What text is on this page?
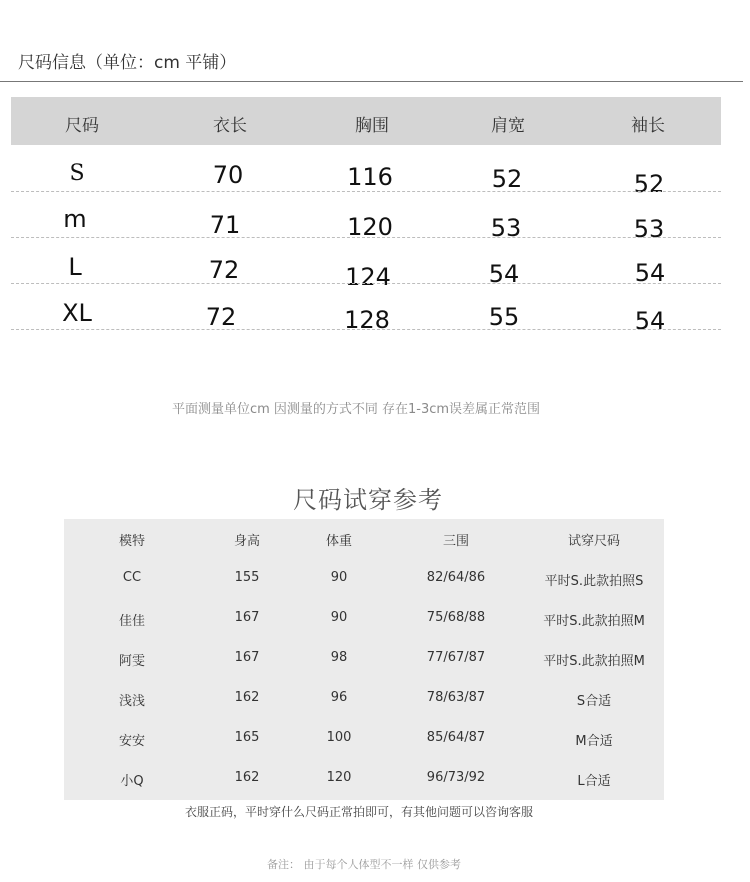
尺码信息（单位：cm 平铺）
尺码	衣长	胸围	肩宽	袖长
S	70	116	52	52
m	71	120	53	53
L	72	124	54	54
XL	72	128	55	54
平面测量单位cm 因测量的方式不同 存在1-3cm误差属正常范围
尺码试穿参考
模特	身高	体重	三围	试穿尺码
CC	155	90	82/64/86	平时S.此款拍照S
佳佳	167	90	75/68/88	平时S.此款拍照M
阿雯	167	98	77/67/87	平时S.此款拍照M
浅浅	162	96	78/63/87	S合适
安安	165	100	85/64/87	M合适
小Q	162	120	96/73/92	L合适
衣服正码，平时穿什么尺码正常拍即可，有其他问题可以咨询客服
备注： 由于每个人体型不一样 仅供参考
